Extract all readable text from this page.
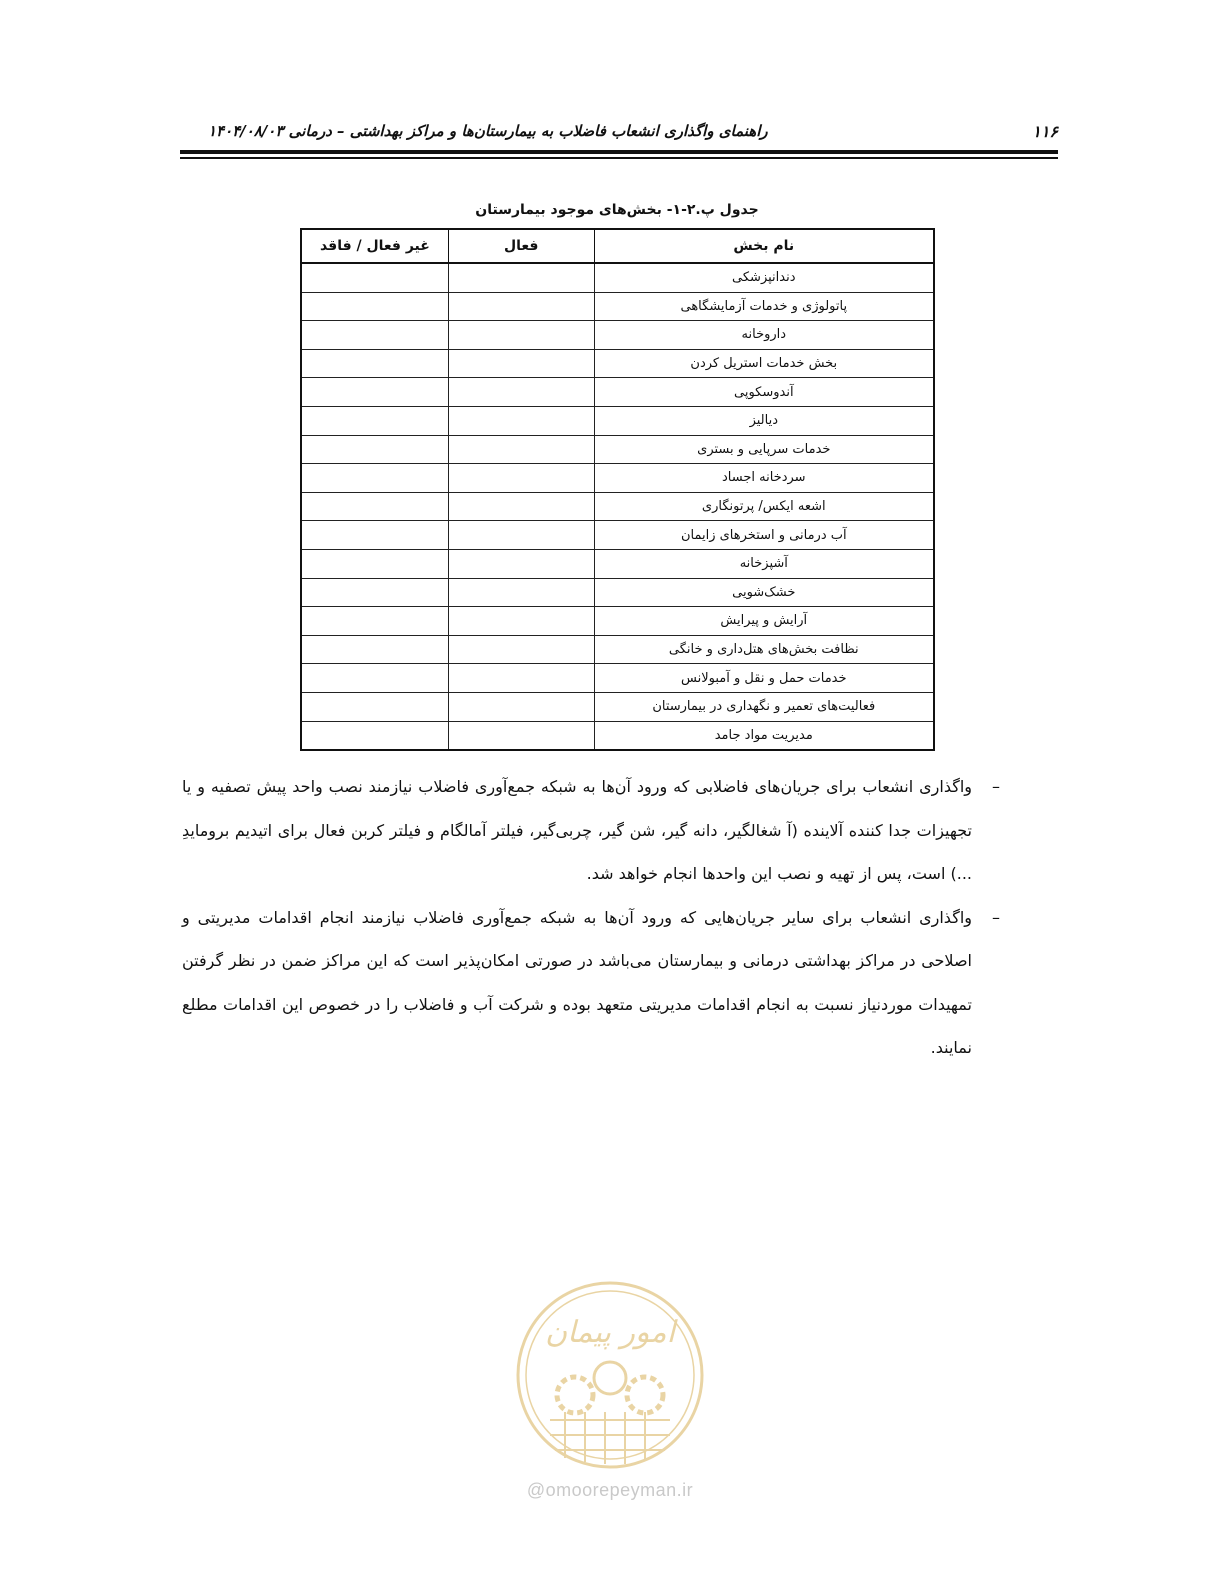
۱۱۶
راهنمای واگذاری انشعاب فاضلاب به بیمارستان‌ها و مراکز بهداشتی – درمانی ۱۴۰۴/۰۸/۰۳
جدول پ.۲-۱- بخش‌های موجود بیمارستان
نام بخش	فعال	غیر فعال / فاقد
دندانپزشکی		
پاتولوژی و خدمات آزمایشگاهی		
داروخانه		
بخش خدمات استریل کردن		
آندوسکوپی		
دیالیز		
خدمات سرپایی و بستری		
سردخانه اجساد		
اشعه ایکس/ پرتونگاری		
آب درمانی و استخرهای زایمان		
آشپزخانه		
خشک‌شویی		
آرایش و پیرایش		
نظافت بخش‌های هتل‌داری و خانگی		
خدمات حمل و نقل و آمبولانس		
فعالیت‌های تعمیر و نگهداری در بیمارستان		
مدیریت مواد جامد		
–
واگذاری انشعاب برای جریان‌های فاضلابی که ورود آن‌ها به شبکه جمع‌آوری فاضلاب نیازمند نصب واحد پیش تصفیه و یا تجهیزات جدا کننده آلاینده (آ شغالگیر، دانه گیر، شن گیر، چربی‌گیر، فیلتر آمالگام و فیلتر کربن فعال برای اتیدیم برومایدِ ...) است، پس از تهیه و نصب این واحدها انجام خواهد شد.
–
واگذاری انشعاب برای سایر جریان‌هایی که ورود آن‌ها به شبکه جمع‌آوری فاضلاب نیازمند انجام اقدامات مدیریتی و اصلاحی در مراکز بهداشتی درمانی و بیمارستان می‌باشد در صورتی امکان‌پذیر است که این مراکز ضمن در نظر گرفتن تمهیدات موردنیاز نسبت به انجام اقدامات مدیریتی متعهد بوده و شرکت آب و فاضلاب را در خصوص این اقدامات مطلع نمایند.
امور پیمان
@omoorepeyman.ir
